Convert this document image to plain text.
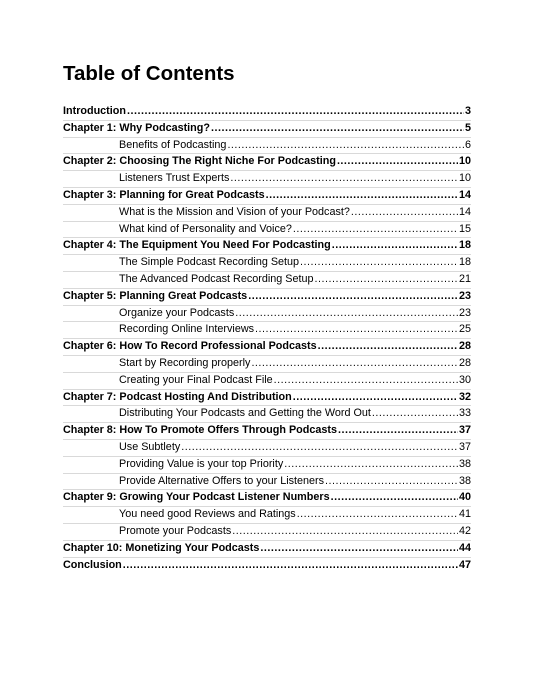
Table of Contents
Introduction .....	3
Chapter 1: Why Podcasting? .....	5
Benefits of Podcasting .....	6
Chapter 2: Choosing The Right Niche For Podcasting .....	10
Listeners Trust Experts .....	10
Chapter 3: Planning for Great Podcasts .....	14
What is the Mission and Vision of your Podcast? .....	14
What kind of Personality and Voice? .....	15
Chapter 4: The Equipment You Need For Podcasting .....	18
The Simple Podcast Recording Setup .....	18
The Advanced Podcast Recording Setup .....	21
Chapter 5: Planning Great Podcasts .....	23
Organize your Podcasts .....	23
Recording Online Interviews .....	25
Chapter 6: How To Record Professional Podcasts .....	28
Start by Recording properly .....	28
Creating your Final Podcast File .....	30
Chapter 7: Podcast Hosting And Distribution .....	32
Distributing Your Podcasts and Getting the Word Out .....	33
Chapter 8: How To Promote Offers Through Podcasts .....	37
Use Subtlety .....	37
Providing Value is your top Priority .....	38
Provide Alternative Offers to your Listeners .....	38
Chapter 9: Growing Your Podcast Listener Numbers .....	40
You need good Reviews and Ratings .....	41
Promote your Podcasts .....	42
Chapter 10: Monetizing Your Podcasts .....	44
Conclusion .....	47
